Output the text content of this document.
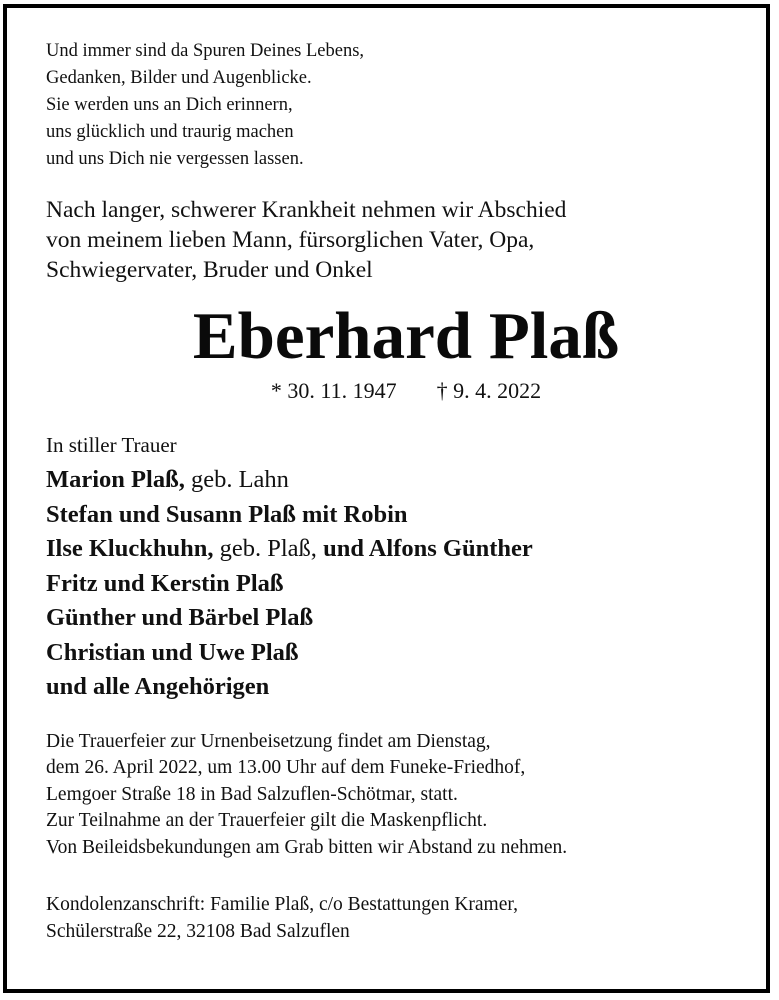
Und immer sind da Spuren Deines Lebens,
Gedanken, Bilder und Augenblicke.
Sie werden uns an Dich erinnern,
uns glücklich und traurig machen
und uns Dich nie vergessen lassen.

Nach langer, schwerer Krankheit nehmen wir Abschied
von meinem lieben Mann, fürsorglichen Vater, Opa,
Schwiegervater, Bruder und Onkel

Eberhard Plaß
* 30. 11. 1947 † 9. 4. 2022
In stiller Trauer
Marion Plaß, geb. Lahn
Stefan und Susann Plaß mit Robin
Ilse Kluckhuhn, geb. Plaß, und Alfons Günther
Fritz und Kerstin Plaß
Günther und Bärbel Plaß
Christian und Uwe Plaß
und alle Angehörigen

Die Trauerfeier zur Urnenbeisetzung findet am Dienstag,
dem 26. April 2022, um 13.00 Uhr auf dem Funeke-Friedhof,
Lemgoer Straße 18 in Bad Salzuflen-Schötmar, statt.
Zur Teilnahme an der Trauerfeier gilt die Maskenpflicht.
Von Beileidsbekundungen am Grab bitten wir Abstand zu nehmen.

Kondolenzanschrift: Familie Plaß, c/o Bestattungen Kramer,
Schülerstraße 22, 32108 Bad Salzuflen
